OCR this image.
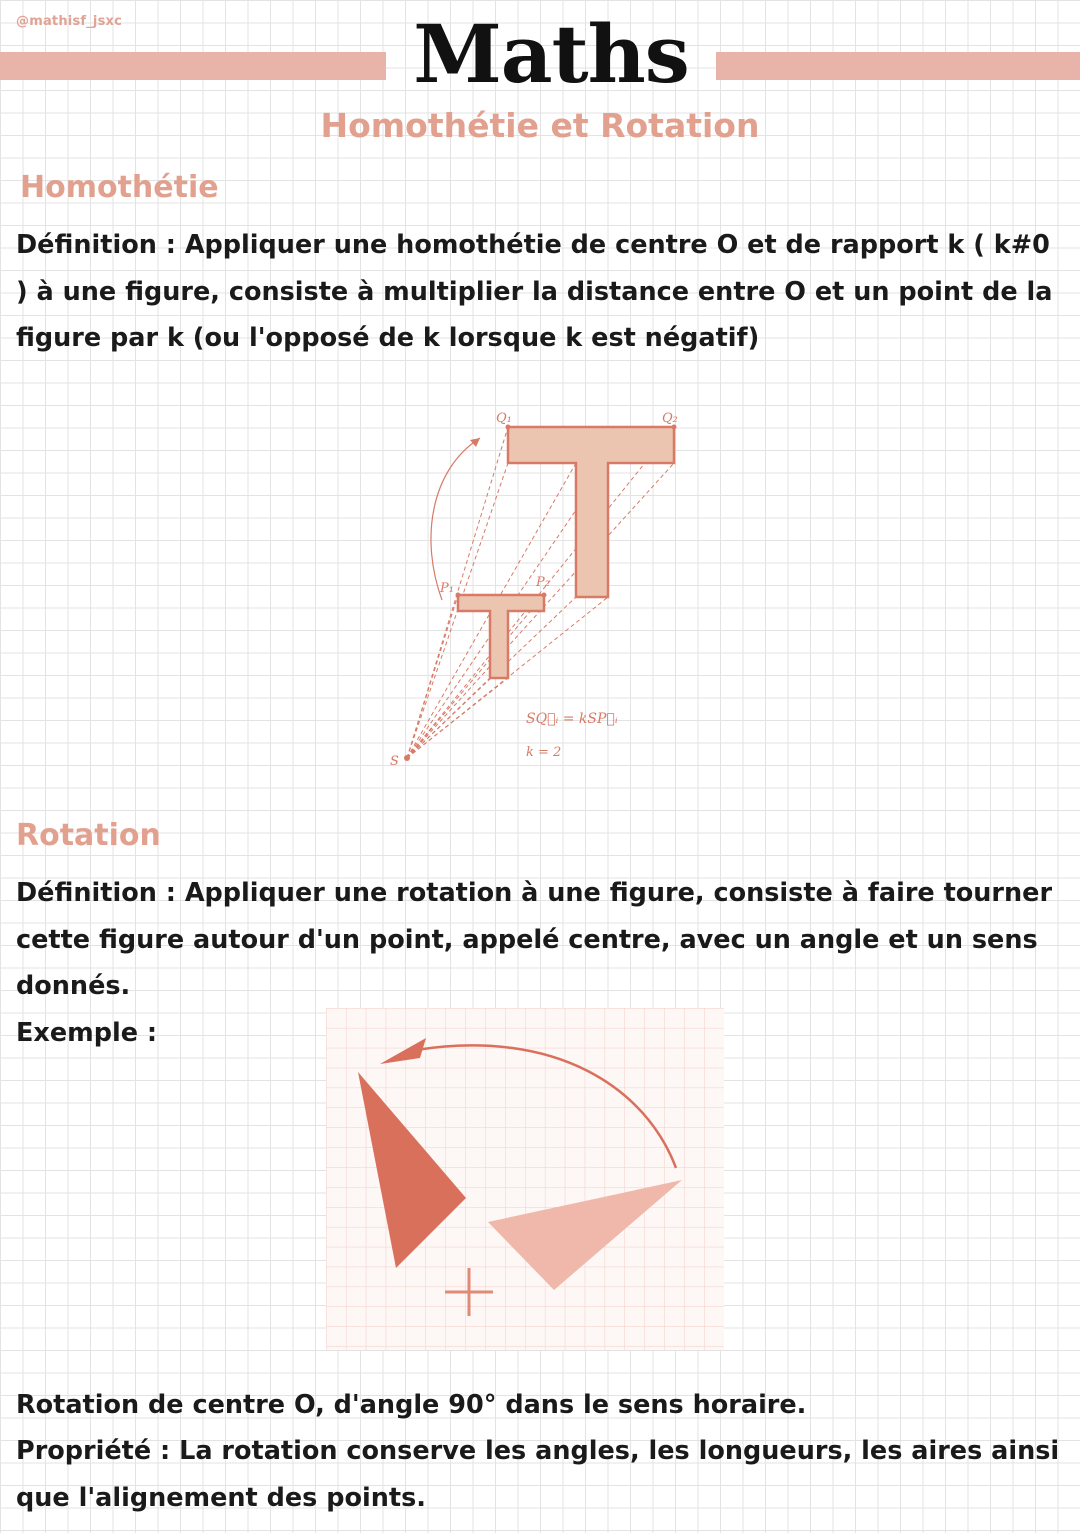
@mathisf_jsxc	Maths
Homothétie et Rotation
Homothétie
Définition : Appliquer une homothétie de centre O et de rapport k ( k#0 ) à une figure, consiste à multiplier la distance entre O et un point de la figure par k (ou l'opposé de k lorsque k est négatif)
Q₁	Q₂
P₁	P₂
S
SQ⃗ᵢ = kSP⃗ᵢ
k = 2
Rotation
Définition : Appliquer une rotation à une figure, consiste à faire tourner cette figure autour d'un point, appelé centre, avec un angle et un sens donnés.
Exemple :
Rotation de centre O, d'angle 90° dans le sens horaire.
Propriété : La rotation conserve les angles, les longueurs, les aires ainsi que l'alignement des points.
